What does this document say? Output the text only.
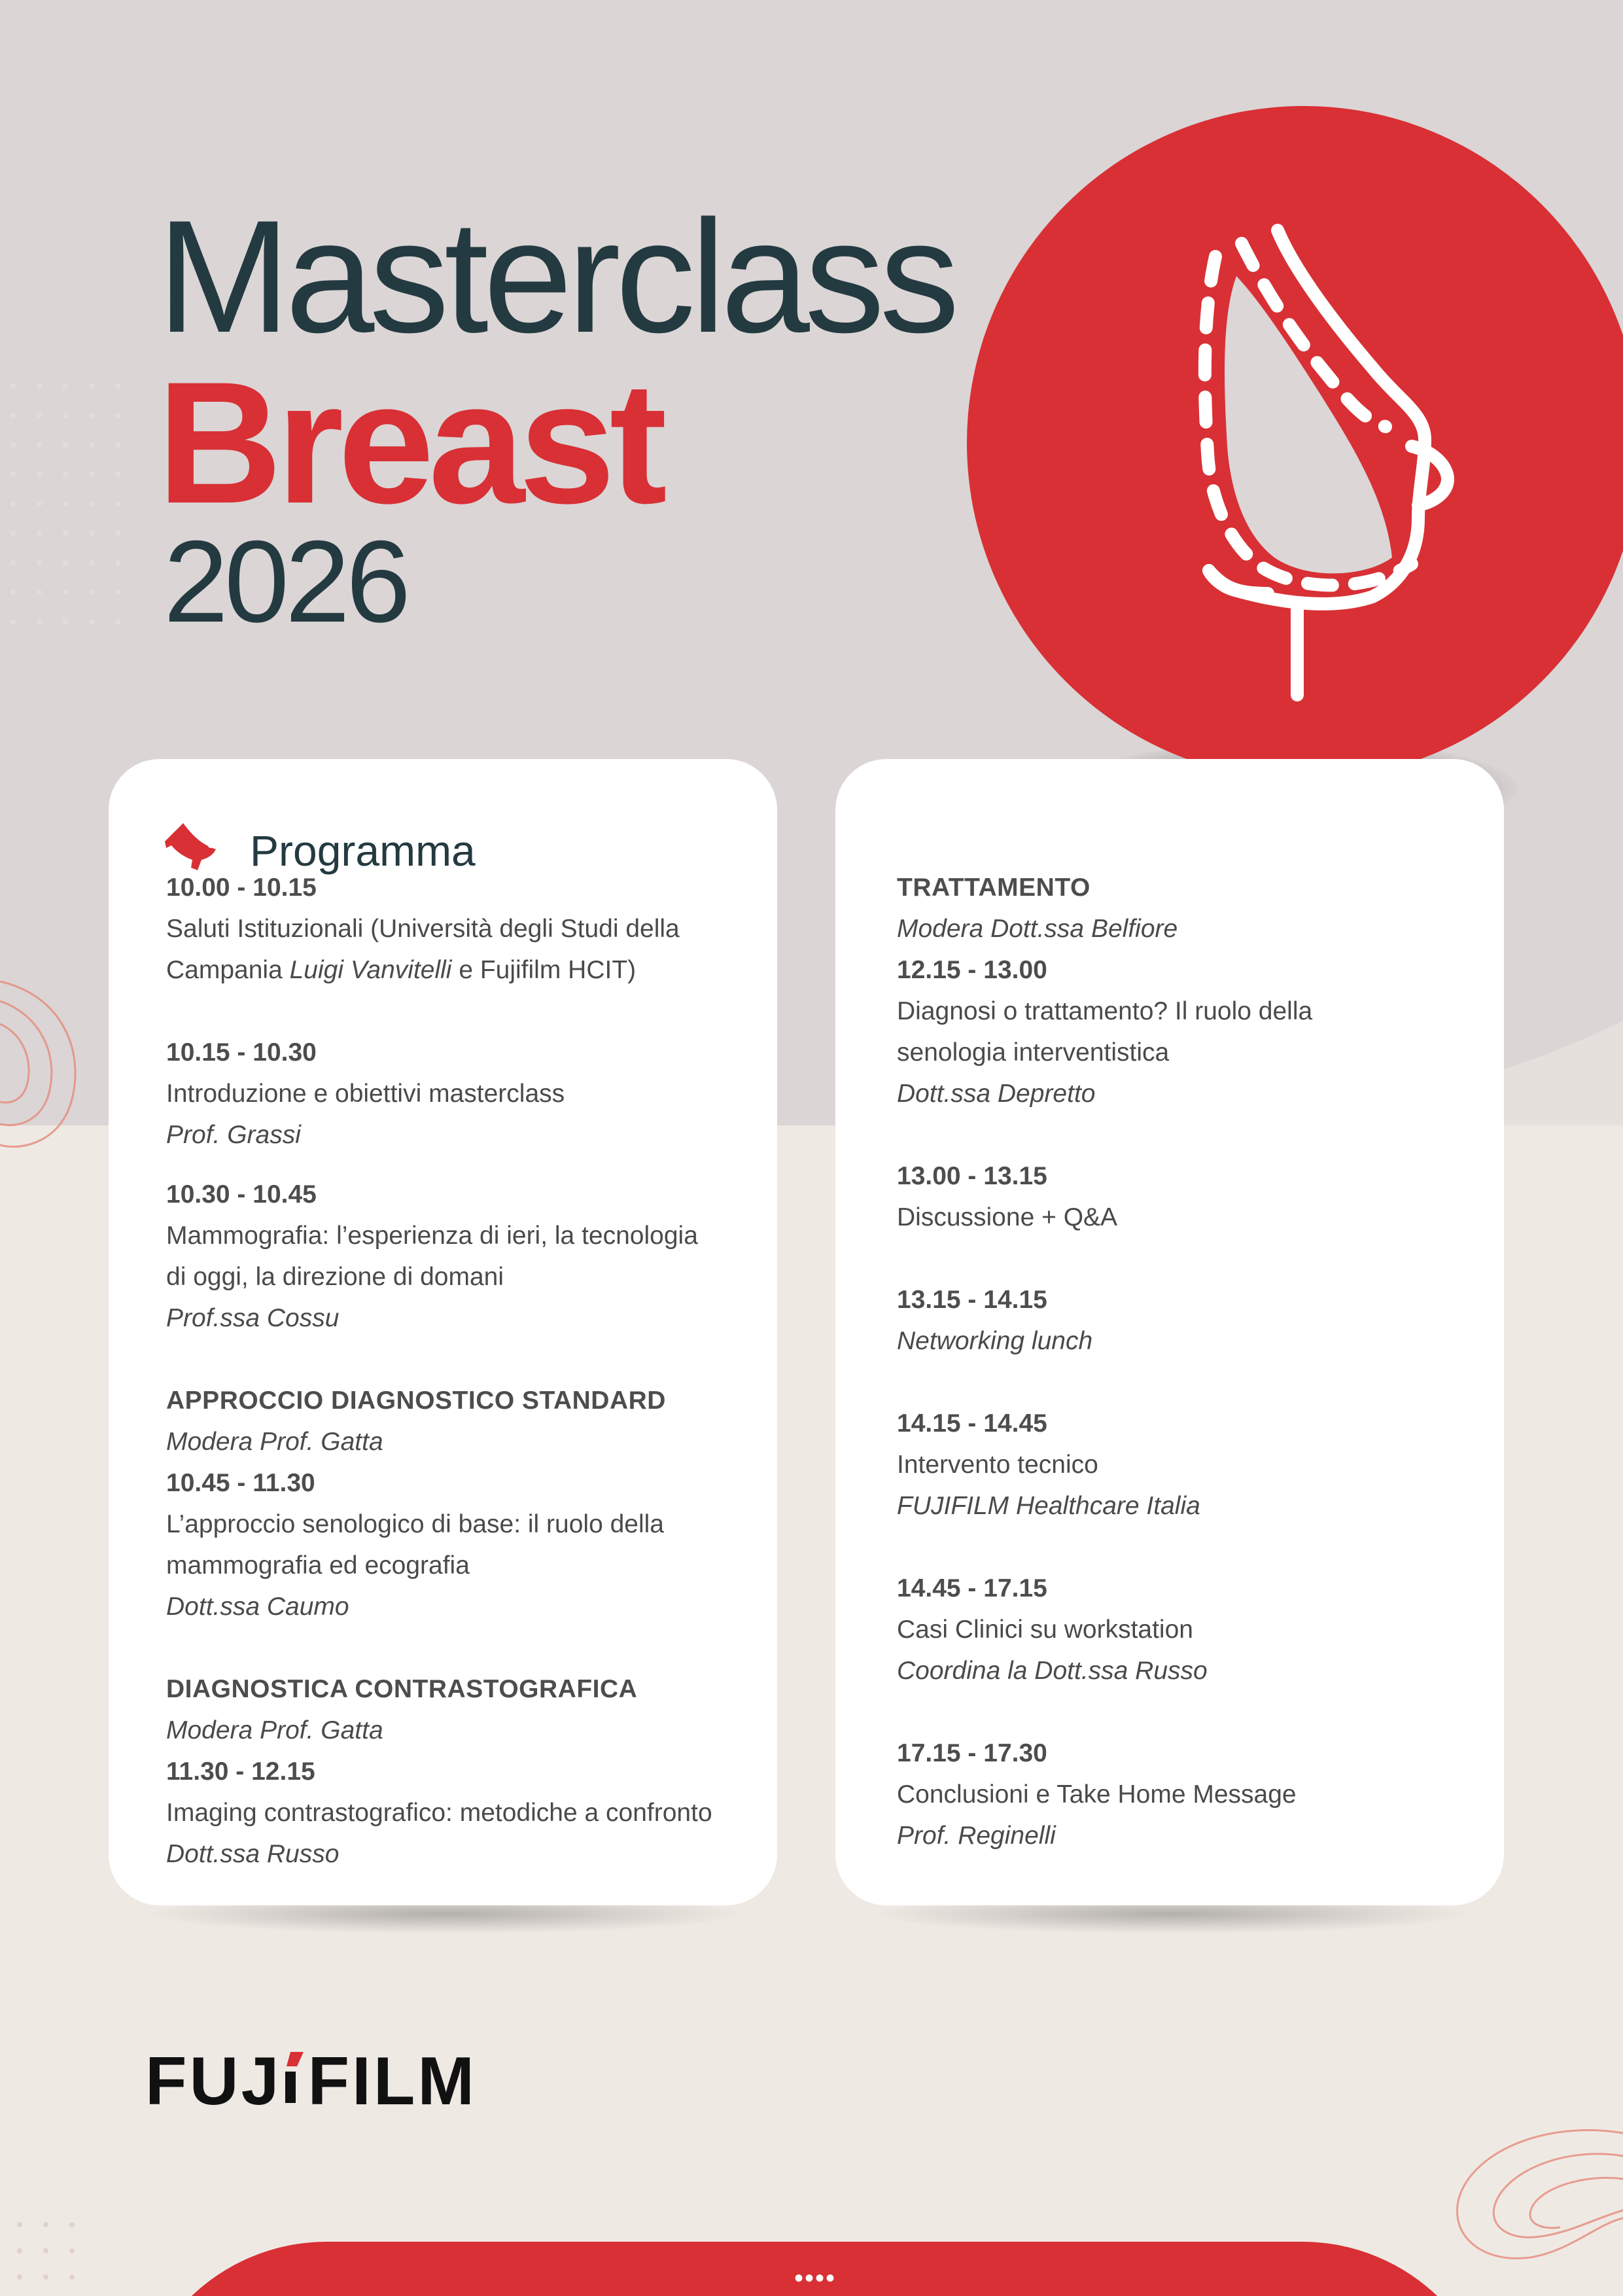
Masterclass
Breast
2026
Programma

10.00 - 10.15

Saluti Istituzionali (Università degli Studi della

Campania Luigi Vanvitelli e Fujifilm HCIT)

10.15 - 10.30

Introduzione e obiettivi masterclass

Prof. Grassi

10.30 - 10.45

Mammografia: l’esperienza di ieri, la tecnologia

di oggi, la direzione di domani

Prof.ssa Cossu

APPROCCIO DIAGNOSTICO STANDARD

Modera Prof. Gatta

10.45 - 11.30

L’approccio senologico di base: il ruolo della

mammografia ed ecografia

Dott.ssa Caumo

DIAGNOSTICA CONTRASTOGRAFICA

Modera Prof. Gatta

11.30 - 12.15

Imaging contrastografico: metodiche a confronto

Dott.ssa Russo

TRATTAMENTO

Modera Dott.ssa Belfiore

12.15 - 13.00

Diagnosi o trattamento? Il ruolo della

senologia interventistica

Dott.ssa Depretto

13.00 - 13.15

Discussione + Q&A

13.15 - 14.15

Networking lunch

14.15 - 14.45

Intervento tecnico

FUJIFILM Healthcare Italia

14.45 - 17.15

Casi Clinici su workstation

Coordina la Dott.ssa Russo

17.15 - 17.30

Conclusioni e Take Home Message

Prof. Reginelli

FUJ FILM
••••
